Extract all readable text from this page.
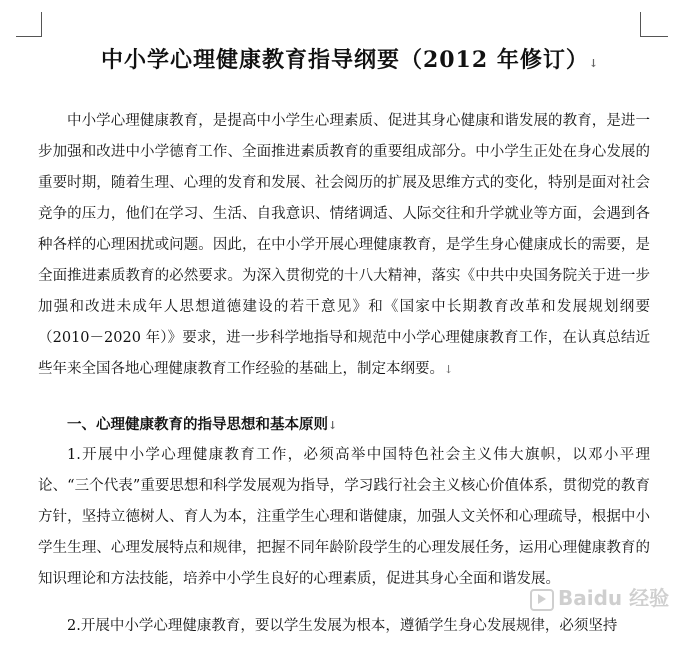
中小学心理健康教育指导纲要（2012 年修订）↓
中小学心理健康教育，是提高中小学生心理素质、促进其身心健康和谐发展的教育，是进一步加强和改进中小学德育工作、全面推进素质教育的重要组成部分。中小学生正处在身心发展的重要时期，随着生理、心理的发育和发展、社会阅历的扩展及思维方式的变化，特别是面对社会竞争的压力，他们在学习、生活、自我意识、情绪调适、人际交往和升学就业等方面，会遇到各种各样的心理困扰或问题。因此，在中小学开展心理健康教育，是学生身心健康成长的需要，是全面推进素质教育的必然要求。为深入贯彻党的十八大精神，落实《中共中央国务院关于进一步加强和改进未成年人思想道德建设的若干意见》和《国家中长期教育改革和发展规划纲要（2010－2020 年）》要求，进一步科学地指导和规范中小学心理健康教育工作，在认真总结近些年来全国各地心理健康教育工作经验的基础上，制定本纲要。↓
一、心理健康教育的指导思想和基本原则↓
1.开展中小学心理健康教育工作，必须高举中国特色社会主义伟大旗帜，以邓小平理论、“三个代表”重要思想和科学发展观为指导，学习践行社会主义核心价值体系，贯彻党的教育方针，坚持立德树人、育人为本，注重学生心理和谐健康，加强人文关怀和心理疏导，根据中小学生生理、心理发展特点和规律，把握不同年龄阶段学生的心理发展任务，运用心理健康教育的知识理论和方法技能，培养中小学生良好的心理素质，促进其身心全面和谐发展。
2.开展中小学心理健康教育，要以学生发展为根本，遵循学生身心发展规律，必须坚持
Baidu 经验
